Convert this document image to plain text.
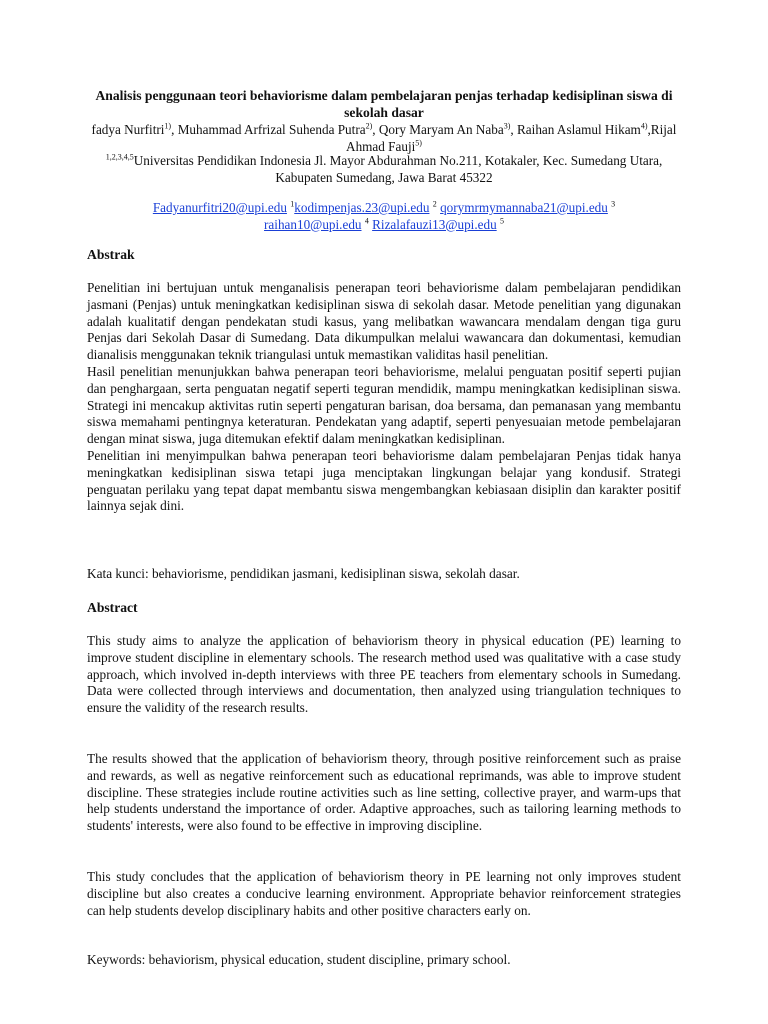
Analisis penggunaan teori behaviorisme dalam pembelajaran penjas terhadap kedisiplinan siswa di sekolah dasar
fadya Nurfitri$^{1)}$, Muhammad Arfrizal Suhenda Putra$^{2)}$, Qory Maryam An Naba$^{3)}$, Raihan Aslamul Hikam$^{4)}$,Rijal Ahmad Fauji$^{5)}$
$^{1,2,3,4,5}$Universitas Pendidikan Indonesia Jl. Mayor Abdurahman No.211, Kotakaler, Kec. Sumedang Utara, Kabupaten Sumedang, Jawa Barat 45322
Fadyanurfitri20@upi.edu $^1$kodimpenjas.23@upi.edu $^2$ qorymrmymannaba21@upi.edu $^3$
raihan10@upi.edu $^4$ Rizalafauzi13@upi.edu $^5$
Abstrak

Penelitian ini bertujuan untuk menganalisis penerapan teori behaviorisme dalam pembelajaran pendidikan jasmani (Penjas) untuk meningkatkan kedisiplinan siswa di sekolah dasar. Metode penelitian yang digunakan adalah kualitatif dengan pendekatan studi kasus, yang melibatkan wawancara mendalam dengan tiga guru Penjas dari Sekolah Dasar di Sumedang. Data dikumpulkan melalui wawancara dan dokumentasi, kemudian dianalisis menggunakan teknik triangulasi untuk memastikan validitas hasil penelitian.

Hasil penelitian menunjukkan bahwa penerapan teori behaviorisme, melalui penguatan positif seperti pujian dan penghargaan, serta penguatan negatif seperti teguran mendidik, mampu meningkatkan kedisiplinan siswa. Strategi ini mencakup aktivitas rutin seperti pengaturan barisan, doa bersama, dan pemanasan yang membantu siswa memahami pentingnya keteraturan. Pendekatan yang adaptif, seperti penyesuaian metode pembelajaran dengan minat siswa, juga ditemukan efektif dalam meningkatkan kedisiplinan.

Penelitian ini menyimpulkan bahwa penerapan teori behaviorisme dalam pembelajaran Penjas tidak hanya meningkatkan kedisiplinan siswa tetapi juga menciptakan lingkungan belajar yang kondusif. Strategi penguatan perilaku yang tepat dapat membantu siswa mengembangkan kebiasaan disiplin dan karakter positif lainnya sejak dini.

Kata kunci: behaviorisme, pendidikan jasmani, kedisiplinan siswa, sekolah dasar.
Abstract
This study aims to analyze the application of behaviorism theory in physical education (PE) learning to improve student discipline in elementary schools. The research method used was qualitative with a case study approach, which involved in-depth interviews with three PE teachers from elementary schools in Sumedang. Data were collected through interviews and documentation, then analyzed using triangulation techniques to ensure the validity of the research results.
The results showed that the application of behaviorism theory, through positive reinforcement such as praise and rewards, as well as negative reinforcement such as educational reprimands, was able to improve student discipline. These strategies include routine activities such as line setting, collective prayer, and warm-ups that help students understand the importance of order. Adaptive approaches, such as tailoring learning methods to students' interests, were also found to be effective in improving discipline.
This study concludes that the application of behaviorism theory in PE learning not only improves student discipline but also creates a conducive learning environment. Appropriate behavior reinforcement strategies can help students develop disciplinary habits and other positive characters early on.
Keywords: behaviorism, physical education, student discipline, primary school.
